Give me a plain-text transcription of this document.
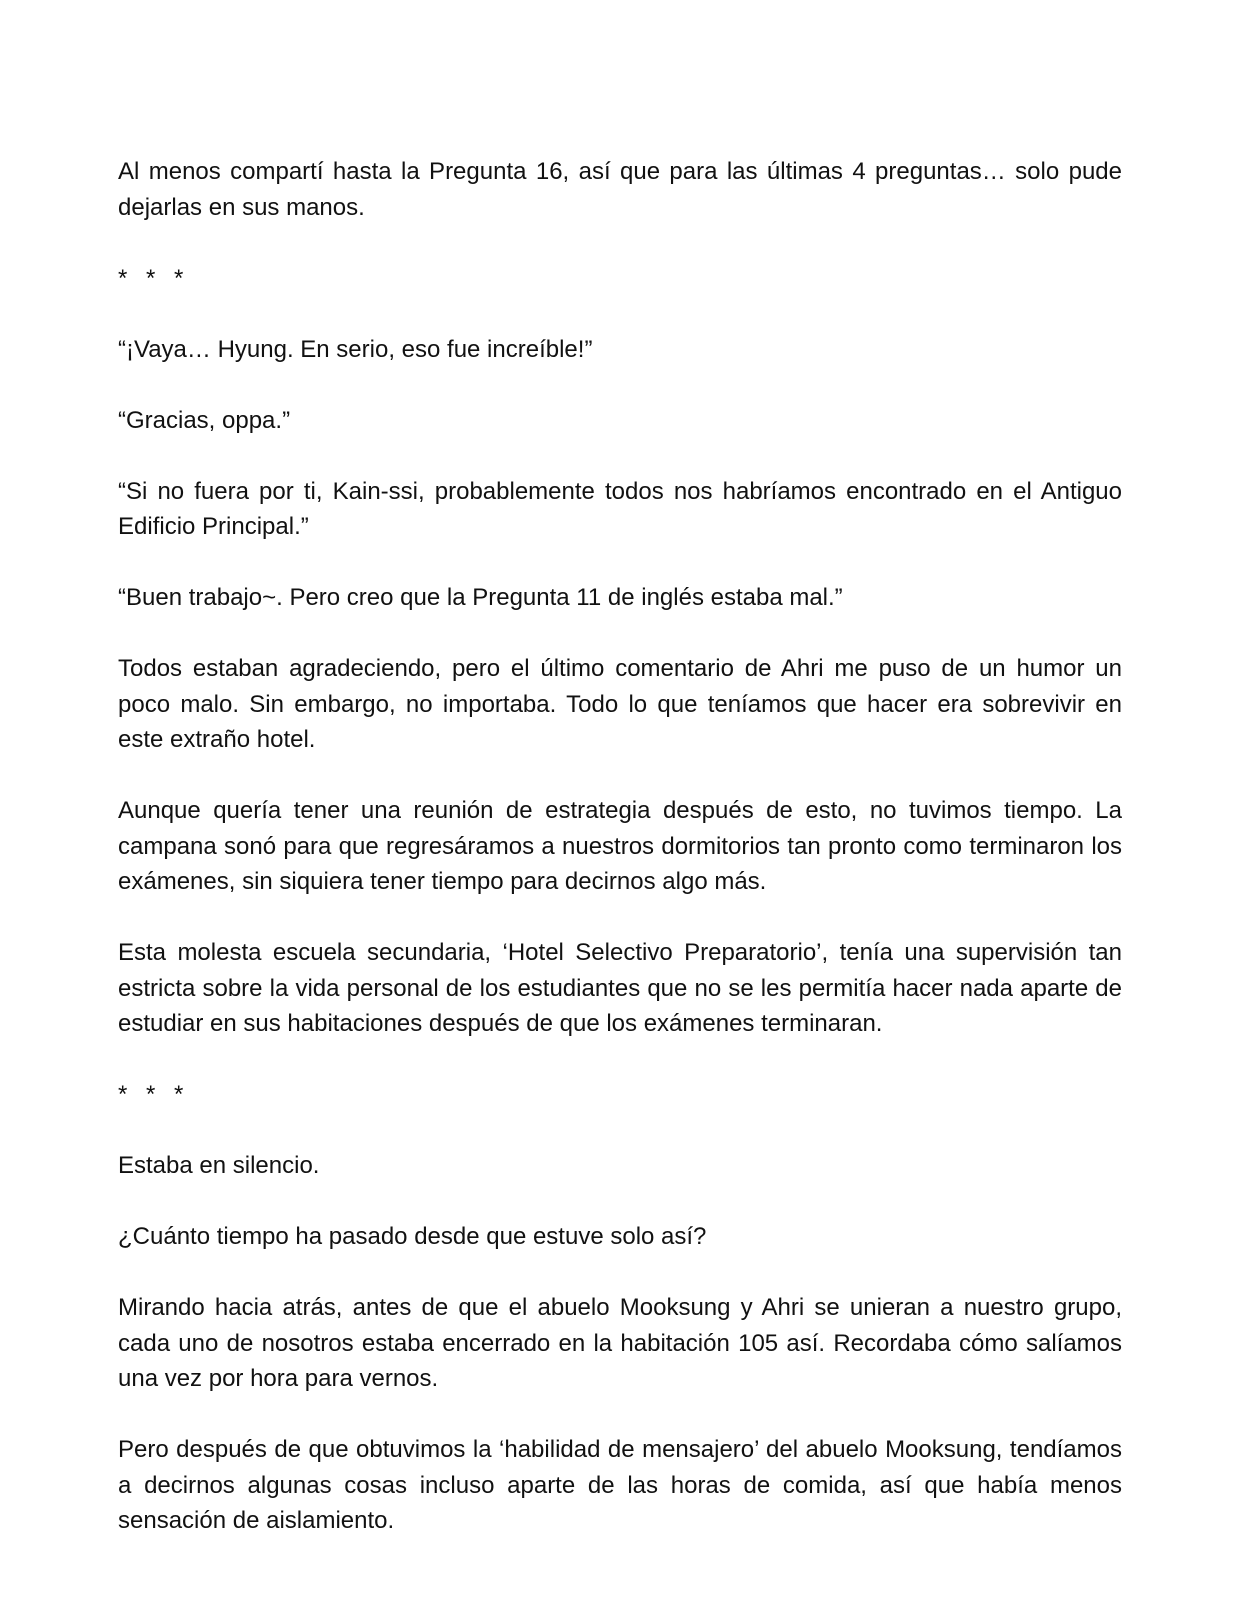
Al menos compartí hasta la Pregunta 16, así que para las últimas 4 preguntas… solo pude dejarlas en sus manos.

* * *

“¡Vaya… Hyung. En serio, eso fue increíble!”

“Gracias, oppa.”

“Si no fuera por ti, Kain-ssi, probablemente todos nos habríamos encontrado en el Antiguo Edificio Principal.”

“Buen trabajo~. Pero creo que la Pregunta 11 de inglés estaba mal.”

Todos estaban agradeciendo, pero el último comentario de Ahri me puso de un humor un poco malo. Sin embargo, no importaba. Todo lo que teníamos que hacer era sobrevivir en este extraño hotel.

Aunque quería tener una reunión de estrategia después de esto, no tuvimos tiempo. La campana sonó para que regresáramos a nuestros dormitorios tan pronto como terminaron los exámenes, sin siquiera tener tiempo para decirnos algo más.

Esta molesta escuela secundaria, ‘Hotel Selectivo Preparatorio’, tenía una supervisión tan estricta sobre la vida personal de los estudiantes que no se les permitía hacer nada aparte de estudiar en sus habitaciones después de que los exámenes terminaran.

* * *

Estaba en silencio.

¿Cuánto tiempo ha pasado desde que estuve solo así?

Mirando hacia atrás, antes de que el abuelo Mooksung y Ahri se unieran a nuestro grupo, cada uno de nosotros estaba encerrado en la habitación 105 así. Recordaba cómo salíamos una vez por hora para vernos.

Pero después de que obtuvimos la ‘habilidad de mensajero’ del abuelo Mooksung, tendíamos a decirnos algunas cosas incluso aparte de las horas de comida, así que había menos sensación de aislamiento.
